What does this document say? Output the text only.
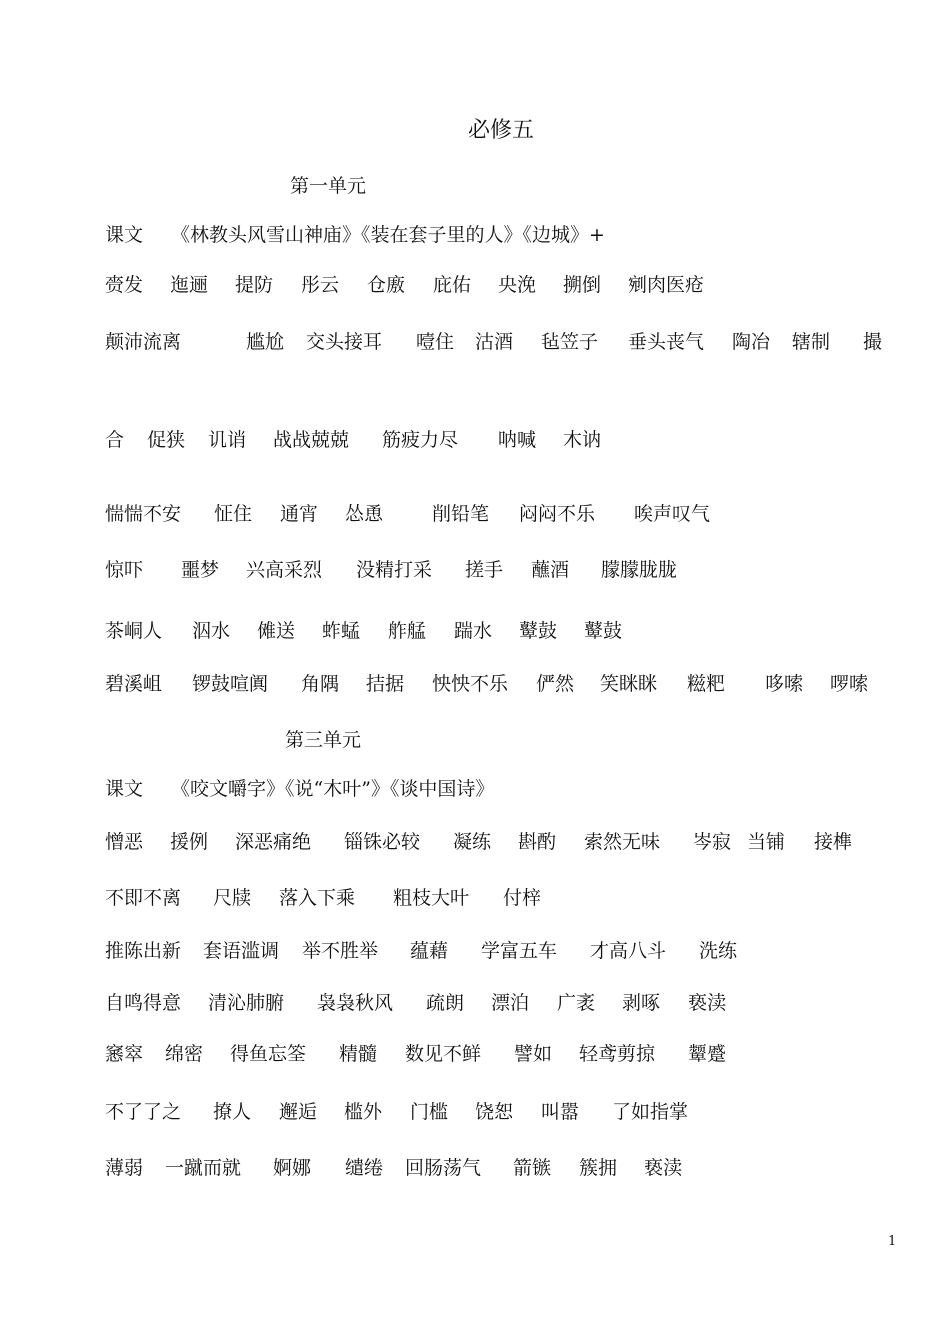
必修五
第一单元
第三单元
课文 《林教头风雪山神庙》《装在套子里的人》《边城》+
赍发 迤逦 提防 彤云 仓廒 庇佑 央浼 搠倒 剜肉医疮
颠沛流离	尴尬 交头接耳 噎住 沽酒 毡笠子 垂头丧气 陶冶 辖制 撮
合 促狭 讥诮 战战兢兢 筋疲力尽 呐喊 木讷
惴惴不安 怔住 通宵 怂恿	削铅笔 闷闷不乐 唉声叹气
惊吓 噩梦 兴高采烈 没精打采 搓手 蘸酒 朦朦胧胧
茶峒人 泅水 傩送 蚱蜢 舴艋 踹水 鼙鼓 鼙鼓
碧溪岨 锣鼓喧阗 角隅 拮据 怏怏不乐 俨然 笑眯眯 糍粑 哆嗦 啰嗦
课文 《咬文嚼字》《说“木叶”》《谈中国诗》
憎恶 援例 深恶痛绝 锱铢必较 凝练 斟酌 索然无味 岑寂 当铺 接榫
不即不离 尺牍 落入下乘 粗枝大叶 付梓
推陈出新 套语滥调 举不胜举 蕴藉 学富五车 才高八斗 洗练
自鸣得意 清沁肺腑 袅袅秋风 疏朗 漂泊 广袤 剥啄 亵渎
窸窣 绵密 得鱼忘筌 精髓 数见不鲜 譬如 轻鸢剪掠 颦蹙
不了了之 撩人 邂逅 槛外 门槛 饶恕 叫嚣 了如指掌
薄弱 一蹴而就 婀娜 缱绻 回肠荡气 箭镞 簇拥 亵渎
1
